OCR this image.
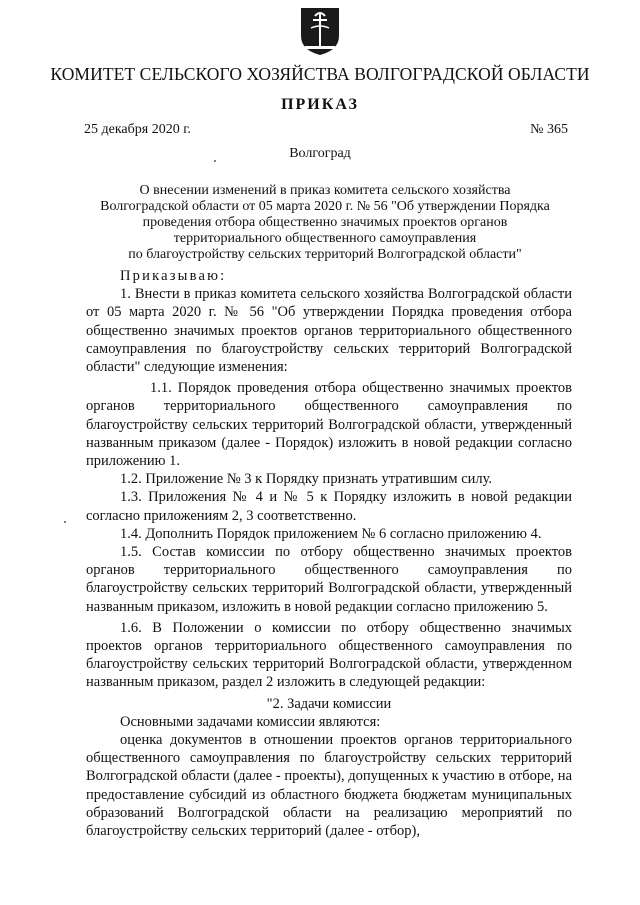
КОМИТЕТ СЕЛЬСКОГО ХОЗЯЙСТВА ВОЛГОГРАДСКОЙ ОБЛАСТИ
ПРИКАЗ
25 декабря 2020 г.	№ 365
Волгоград
О внесении изменений в приказ комитета сельского хозяйства
Волгоградской области от 05 марта 2020 г. № 56 "Об утверждении Порядка
проведения отбора общественно значимых проектов органов
территориального общественного самоуправления
по благоустройству сельских территорий Волгоградской области"

Приказываю:

1. Внести в приказ комитета сельского хозяйства Волгоградской области от 05 марта 2020 г. № 56 "Об утверждении Порядка проведения отбора общественно значимых проектов органов территориального общественного самоуправления по благоустройству сельских территорий Волгоградской области" следующие изменения:

1.1. Порядок проведения отбора общественно значимых проектов органов территориального общественного самоуправления по благоустройству сельских территорий Волгоградской области, утвержденный названным приказом (далее - Порядок) изложить в новой редакции согласно приложению 1.

1.2. Приложение № 3 к Порядку признать утратившим силу.

1.3. Приложения № 4 и № 5 к Порядку изложить в новой редакции согласно приложениям 2, 3 соответственно.

1.4. Дополнить Порядок приложением № 6 согласно приложению 4.

1.5. Состав комиссии по отбору общественно значимых проектов органов территориального общественного самоуправления по благоустройству сельских территорий Волгоградской области, утвержденный названным приказом, изложить в новой редакции согласно приложению 5.

1.6. В Положении о комиссии по отбору общественно значимых проектов органов территориального общественного самоуправления по благоустройству сельских территорий Волгоградской области, утвержденном названным приказом, раздел 2 изложить в следующей редакции:

"2. Задачи комиссии

Основными задачами комиссии являются:

оценка документов в отношении проектов органов территориального общественного самоуправления по благоустройству сельских территорий Волгоградской области (далее - проекты), допущенных к участию в отборе, на предоставление субсидий из областного бюджета бюджетам муниципальных образований Волгоградской области на реализацию мероприятий по благоустройству сельских территорий (далее - отбор),
